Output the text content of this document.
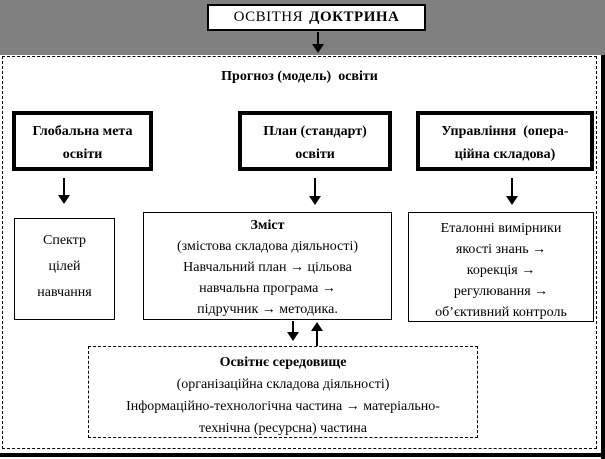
ОСВІТНЯ ДОКТРИНА
Прогноз (модель)  освіти
Глобальна мета
освіти
План (стандарт)
освіти
Управління  (опера-
ційна складова)
Спектр
цілей
навчання
Зміст
(змістова складова діяльності)
Навчальний план → цільова
навчальна програма →
підручник → методика.
Еталонні вимірники
якості знань →
корекція →
регулювання →
об’єктивний контроль
Освітнє середовище
(організаційна складова діяльності)
Інформаційно-технологічна частина → матеріально-
технічна (ресурсна) частина
